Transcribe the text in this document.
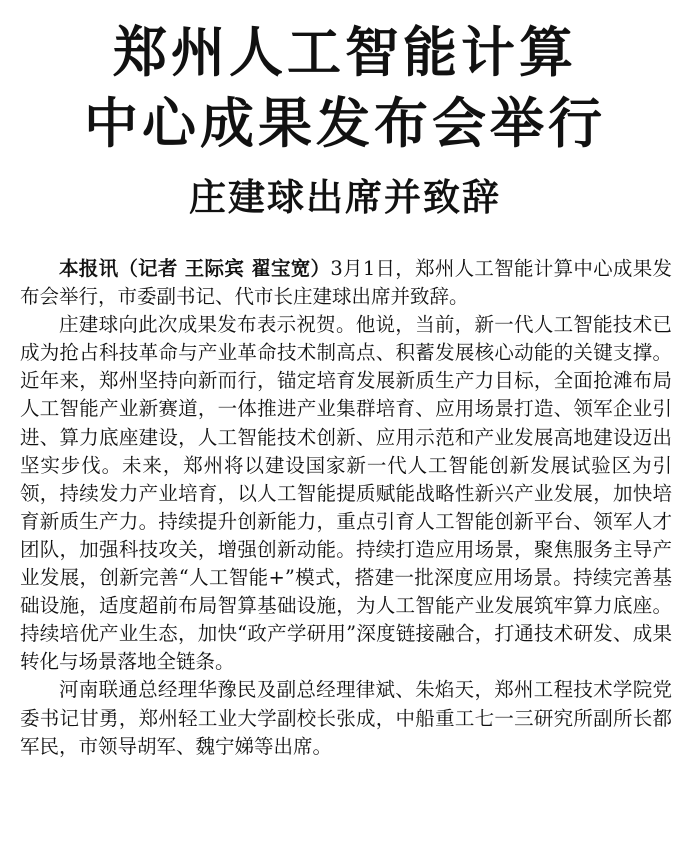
郑州人工智能计算
中心成果发布会举行
庄建球出席并致辞

本报讯（记者 王际宾 翟宝宽）3月1日，郑州人工智能计算中心成果发布会举行，市委副书记、代市长庄建球出席并致辞。

庄建球向此次成果发布表示祝贺。他说，当前，新一代人工智能技术已成为抢占科技革命与产业革命技术制高点、积蓄发展核心动能的关键支撑。近年来，郑州坚持向新而行，锚定培育发展新质生产力目标，全面抢滩布局人工智能产业新赛道，一体推进产业集群培育、应用场景打造、领军企业引进、算力底座建设，人工智能技术创新、应用示范和产业发展高地建设迈出坚实步伐。未来，郑州将以建设国家新一代人工智能创新发展试验区为引领，持续发力产业培育，以人工智能提质赋能战略性新兴产业发展，加快培育新质生产力。持续提升创新能力，重点引育人工智能创新平台、领军人才团队，加强科技攻关，增强创新动能。持续打造应用场景，聚焦服务主导产业发展，创新完善“人工智能+”模式，搭建一批深度应用场景。持续完善基础设施，适度超前布局智算基础设施，为人工智能产业发展筑牢算力底座。持续培优产业生态，加快“政产学研用”深度链接融合，打通技术研发、成果转化与场景落地全链条。

河南联通总经理华豫民及副总经理律斌、朱焰天，郑州工程技术学院党委书记甘勇，郑州轻工业大学副校长张成，中船重工七一三研究所副所长都军民，市领导胡军、魏宁娣等出席。
